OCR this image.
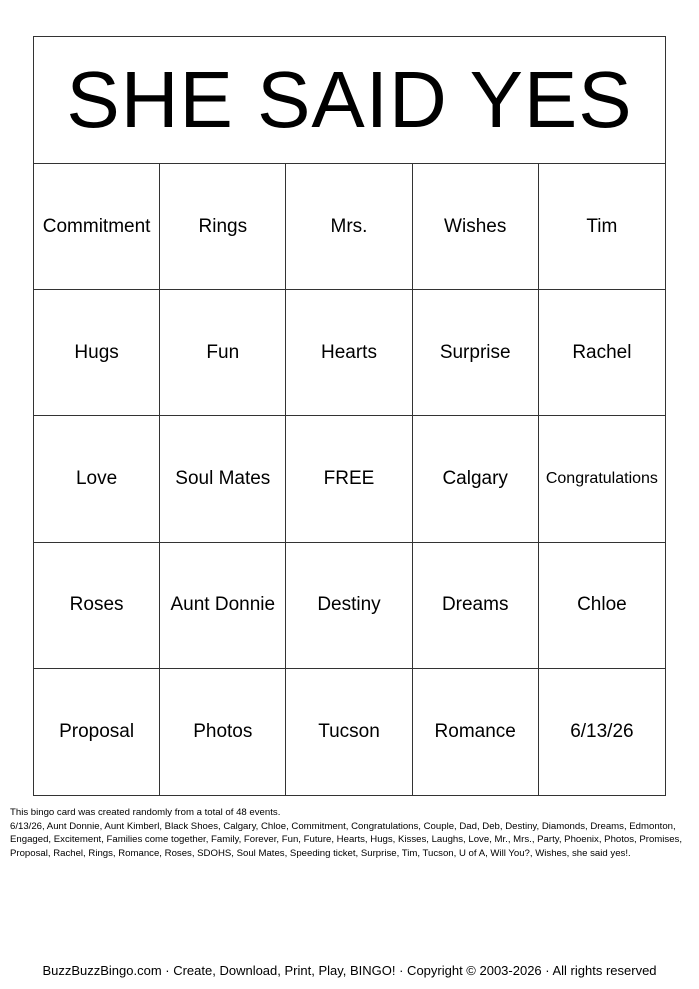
SHE SAID YES
Commitment	Rings	Mrs.	Wishes	Tim
Hugs	Fun	Hearts	Surprise	Rachel
Love	Soul Mates	FREE	Calgary	Congratulations
Roses	Aunt Donnie	Destiny	Dreams	Chloe
Proposal	Photos	Tucson	Romance	6/13/26
This bingo card was created randomly from a total of 48 events.
6/13/26, Aunt Donnie, Aunt Kimberl, Black Shoes, Calgary, Chloe, Commitment, Congratulations, Couple, Dad, Deb, Destiny, Diamonds, Dreams, Edmonton, Engaged, Excitement, Families come together, Family, Forever, Fun, Future, Hearts, Hugs, Kisses, Laughs, Love, Mr., Mrs., Party, Phoenix, Photos, Promises, Proposal, Rachel, Rings, Romance, Roses, SDOHS, Soul Mates, Speeding ticket, Surprise, Tim, Tucson, U of A, Will You?, Wishes, she said yes!.
BuzzBuzzBingo.com · Create, Download, Print, Play, BINGO! · Copyright © 2003-2026 · All rights reserved
